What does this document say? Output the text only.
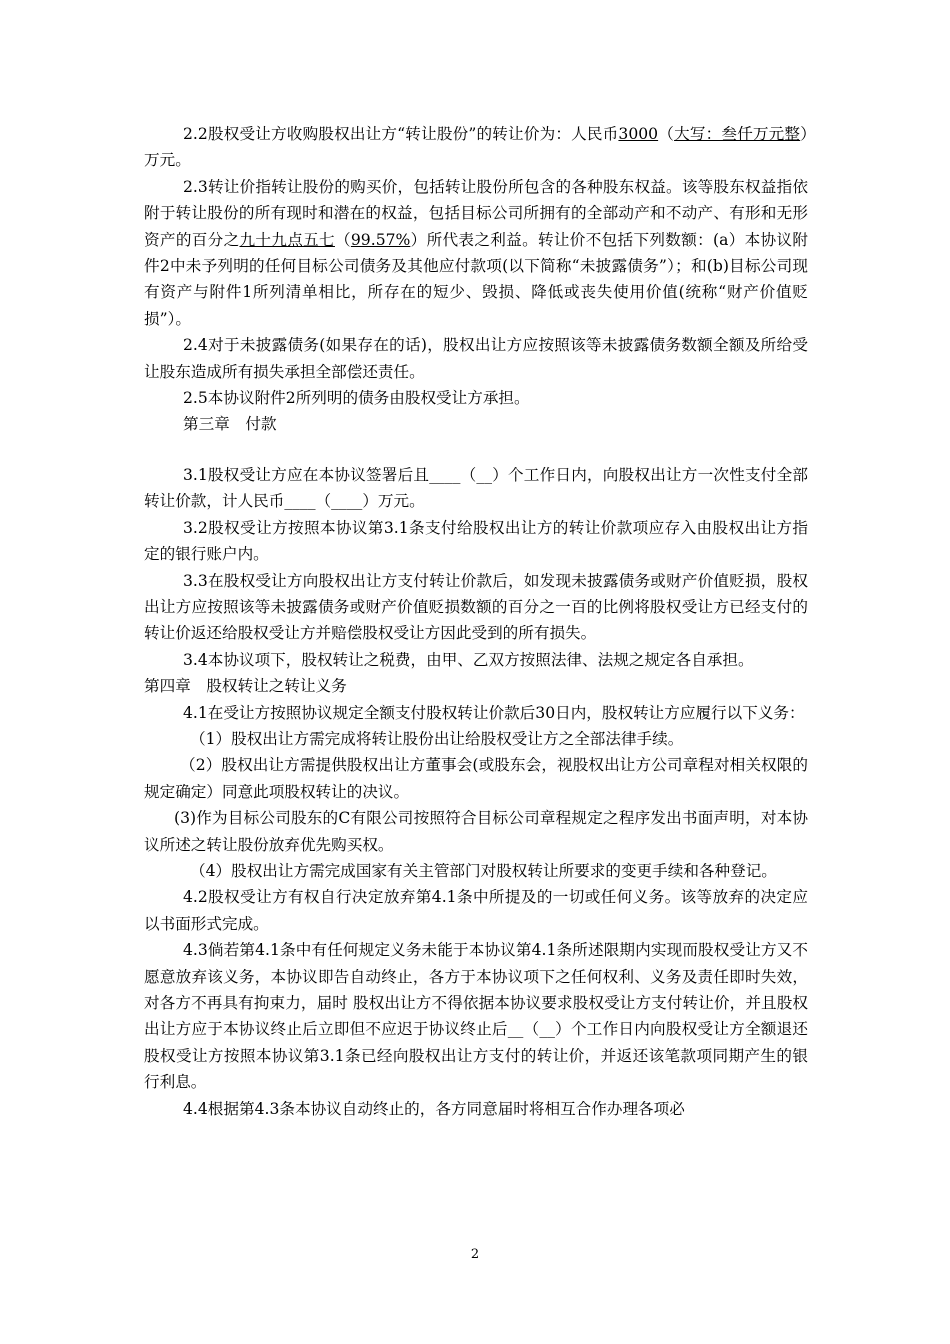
2.2股权受让方收购股权出让方“转让股份”的转让价为：人民币3000（大写：叁仟万元整）万元。

2.3转让价指转让股份的购买价，包括转让股份所包含的各种股东权益。该等股东权益指依附于转让股份的所有现时和潜在的权益，包括目标公司所拥有的全部动产和不动产、有形和无形资产的百分之九十九点五七（99.57%）所代表之利益。转让价不包括下列数额：(a）本协议附件2中未予列明的任何目标公司债务及其他应付款项(以下简称“未披露债务”）；和(b)目标公司现有资产与附件1所列清单相比，所存在的短少、毁损、降低或丧失使用价值(统称“财产价值贬损”）。

2.4对于未披露债务(如果存在的话)，股权出让方应按照该等未披露债务数额全额及所给受让股东造成所有损失承担全部偿还责任。

2.5本协议附件2所列明的债务由股权受让方承担。

第三章　付款

3.1股权受让方应在本协议签署后且____（__）个工作日内，向股权出让方一次性支付全部转让价款，计人民币____（____）万元。

3.2股权受让方按照本协议第3.1条支付给股权出让方的转让价款项应存入由股权出让方指定的银行账户内。

3.3在股权受让方向股权出让方支付转让价款后，如发现未披露债务或财产价值贬损，股权出让方应按照该等未披露债务或财产价值贬损数额的百分之一百的比例将股权受让方已经支付的转让价返还给股权受让方并赔偿股权受让方因此受到的所有损失。

3.4本协议项下，股权转让之税费，由甲、乙双方按照法律、法规之规定各自承担。

第四章　股权转让之转让义务

4.1在受让方按照协议规定全额支付股权转让价款后30日内，股权转让方应履行以下义务：

（1）股权出让方需完成将转让股份出让给股权受让方之全部法律手续。

（2）股权出让方需提供股权出让方董事会(或股东会，视股权出让方公司章程对相关权限的规定确定）同意此项股权转让的决议。

(3)作为目标公司股东的C有限公司按照符合目标公司章程规定之程序发出书面声明，对本协议所述之转让股份放弃优先购买权。

（4）股权出让方需完成国家有关主管部门对股权转让所要求的变更手续和各种登记。

4.2股权受让方有权自行决定放弃第4.1条中所提及的一切或任何义务。该等放弃的决定应以书面形式完成。

4.3倘若第4.1条中有任何规定义务未能于本协议第4.1条所述限期内实现而股权受让方又不愿意放弃该义务，本协议即告自动终止，各方于本协议项下之任何权利、义务及责任即时失效，对各方不再具有拘束力，届时 股权出让方不得依据本协议要求股权受让方支付转让价，并且股权出让方应于本协议终止后立即但不应迟于协议终止后__（__）个工作日内向股权受让方全额退还股权受让方按照本协议第3.1条已经向股权出让方支付的转让价，并返还该笔款项同期产生的银行利息。

4.4根据第4.3条本协议自动终止的，各方同意届时将相互合作办理各项必

2
